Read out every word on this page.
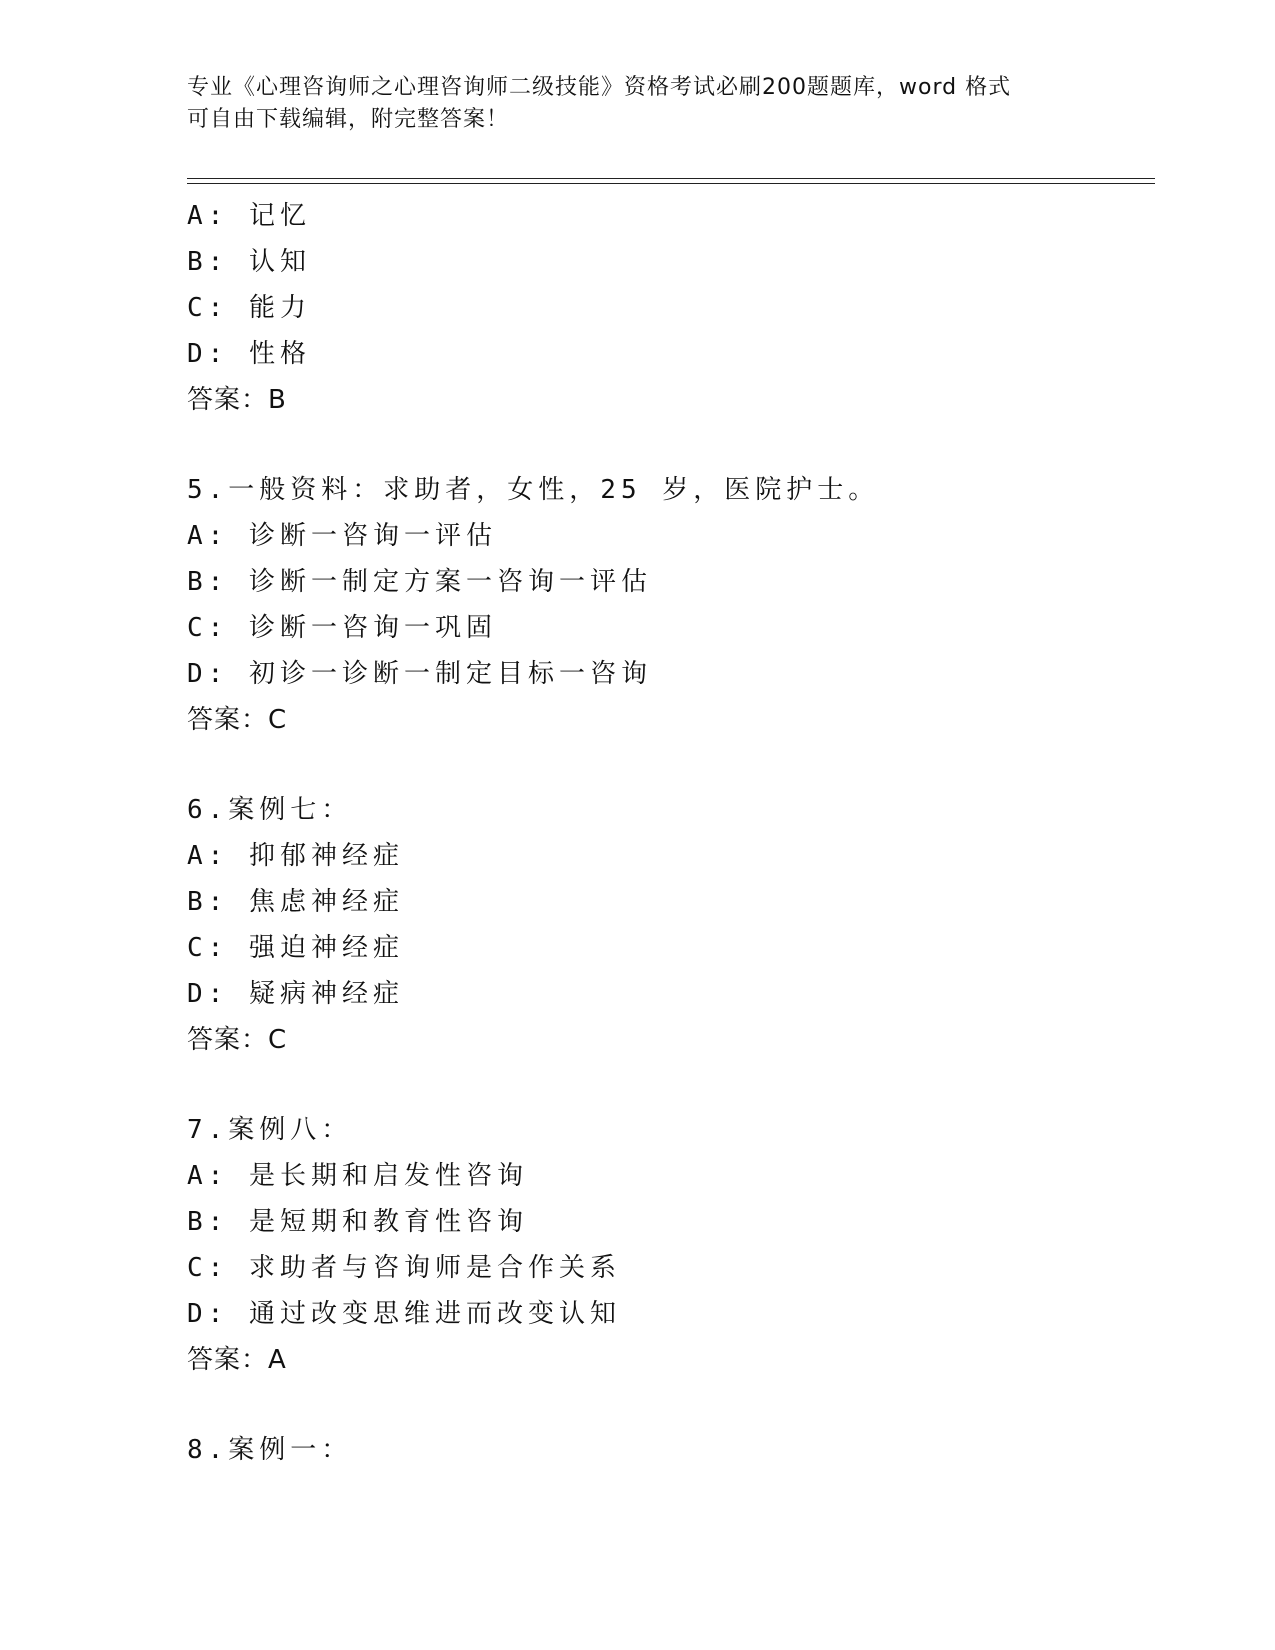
专业《心理咨询师之心理咨询师二级技能》资格考试必刷200题题库，word 格式
可自由下载编辑，附完整答案！
A: 记忆
B: 认知
C: 能力
D: 性格
答案：B
5.一般资料：求助者，女性，25 岁，医院护士。
A: 诊断一咨询一评估
B: 诊断一制定方案一咨询一评估
C: 诊断一咨询一巩固
D: 初诊一诊断一制定目标一咨询
答案：C
6.案例七：
A: 抑郁神经症
B: 焦虑神经症
C: 强迫神经症
D: 疑病神经症
答案：C
7.案例八：
A: 是长期和启发性咨询
B: 是短期和教育性咨询
C: 求助者与咨询师是合作关系
D: 通过改变思维进而改变认知
答案：A
8.案例一：
